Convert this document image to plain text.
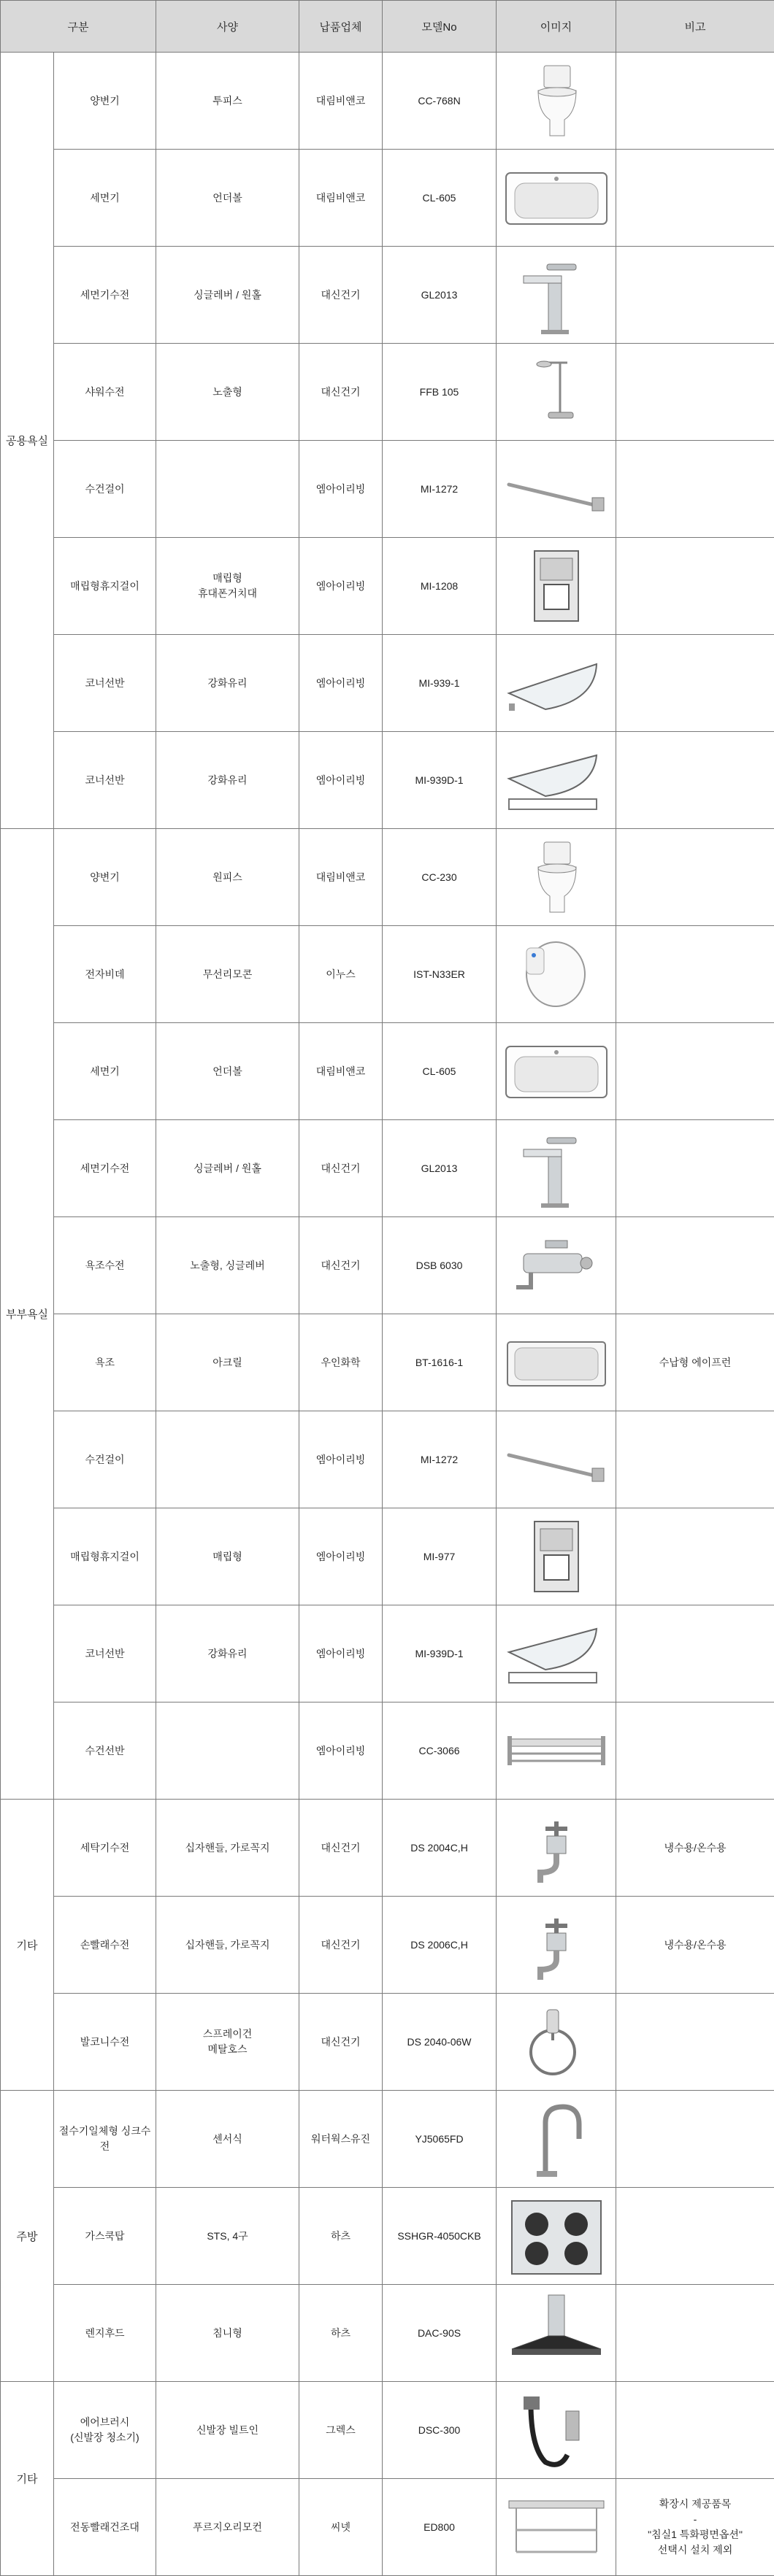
구분		사양	납품업체	모델No	이미지	비고
공용욕실	양변기	투피스	대림비앤코	CC-768N	

	세면기	언더볼	대림비앤코	CL-605	

	세면기수전	싱글레버 / 원홀	대신건기	GL2013	

	샤워수전	노출형	대신건기	FFB 105	

	수건걸이		엠아이리빙	MI-1272	

	매립형휴지걸이	매립형
휴대폰거치대	엠아이리빙	MI-1208	

	코너선반	강화유리	엠아이리빙	MI-939-1	

	코너선반	강화유리	엠아이리빙	MI-939D-1	

부부욕실	양변기	원피스	대림비앤코	CC-230	

	전자비데	무선리모콘	이누스	IST-N33ER	

	세면기	언더볼	대림비앤코	CL-605	

	세면기수전	싱글레버 / 원홀	대신건기	GL2013	

	욕조수전	노출형, 싱글레버	대신건기	DSB 6030	

	욕조	아크릴	우인화학	BT-1616-1		수납형 에이프런
	수건걸이		엠아이리빙	MI-1272	

	매립형휴지걸이	매립형	엠아이리빙	MI-977	

	코너선반	강화유리	엠아이리빙	MI-939D-1	

	수건선반		엠아이리빙	CC-3066	

기타	세탁기수전	십자핸들, 가로꼭지	대신건기	DS 2004C,H		냉수용/온수용
	손빨래수전	십자핸들, 가로꼭지	대신건기	DS 2006C,H		냉수용/온수용
	발코니수전	스프레이건
메탈호스	대신건기	DS 2040-06W	

주방	절수기일체형 싱크수전	센서식	워터웍스유진	YJ5065FD	

	가스쿡탑	STS, 4구	하츠	SSHGR-4050CKB	

	렌지후드	침니형	하츠	DAC-90S	

기타	에어브러시
(신발장 청소기)	신발장 빌트인	그렉스	DSC-300	

	전동빨래건조대	푸르지오리모컨	씨넷	ED800		확장시 제공품목
-
"침실1 특화평면옵션"
선택시 설치 제외
